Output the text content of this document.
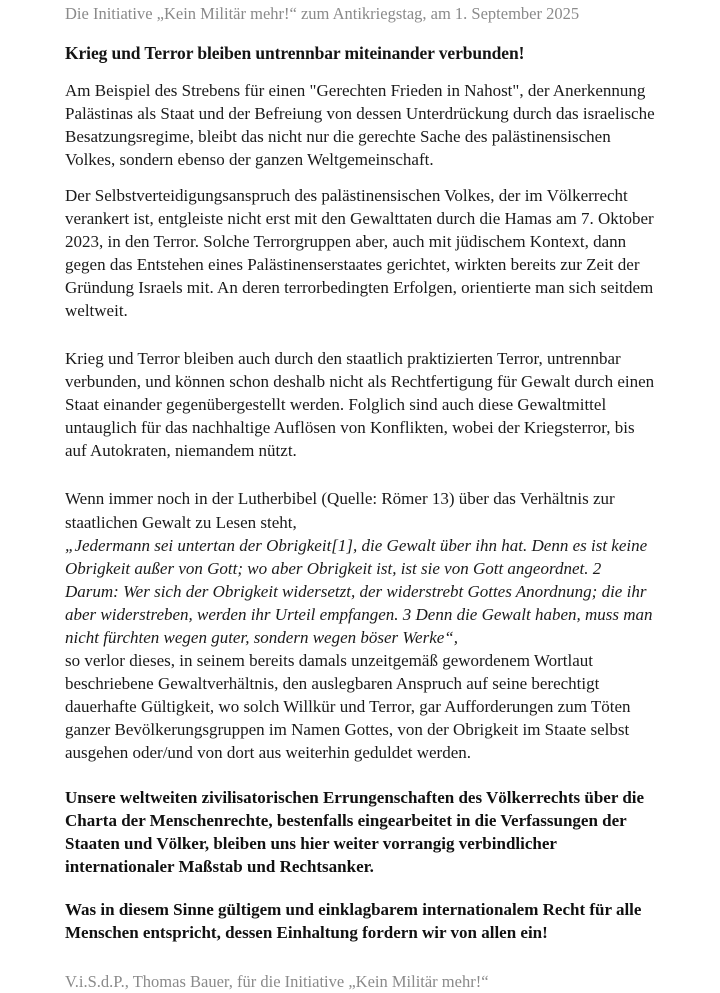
Die Initiative „Kein Militär mehr!“ zum Antikriegstag, am 1. September 2025

Krieg und Terror bleiben untrennbar miteinander verbunden!

Am Beispiel des Strebens für einen "Gerechten Frieden in Nahost", der Anerkennung Palästinas als Staat und der Befreiung von dessen Unterdrückung durch das israelische Besatzungsregime, bleibt das nicht nur die gerechte Sache des palästinensischen Volkes, sondern ebenso der ganzen Weltgemeinschaft.

Der Selbstverteidigungsanspruch des palästinensischen Volkes, der im Völkerrecht verankert ist, entgleiste nicht erst mit den Gewalttaten durch die Hamas am 7. Oktober 2023, in den Terror. Solche Terrorgruppen aber, auch mit jüdischem Kontext, dann gegen das Entstehen eines Palästinenserstaates gerichtet, wirkten bereits zur Zeit der Gründung Israels mit. An deren terrorbedingten Erfolgen, orientierte man sich seitdem weltweit.

Krieg und Terror bleiben auch durch den staatlich praktizierten Terror, untrennbar verbunden, und können schon deshalb nicht als Rechtfertigung für Gewalt durch einen Staat einander gegenübergestellt werden. Folglich sind auch diese Gewaltmittel untauglich für das nachhaltige Auflösen von Konflikten, wobei der Kriegsterror, bis auf Autokraten, niemandem nützt.

Wenn immer noch in der Lutherbibel (Quelle: Römer 13) über das Verhältnis zur staatlichen Gewalt zu Lesen steht,

„Jedermann sei untertan der Obrigkeit[1], die Gewalt über ihn hat. Denn es ist keine Obrigkeit außer von Gott; wo aber Obrigkeit ist, ist sie von Gott angeordnet. 2 Darum: Wer sich der Obrigkeit widersetzt, der widerstrebt Gottes Anordnung; die ihr aber widerstreben, werden ihr Urteil empfangen. 3 Denn die Gewalt haben, muss man nicht fürchten wegen guter, sondern wegen böser Werke“,

so verlor dieses, in seinem bereits damals unzeitgemäß gewordenem Wortlaut beschriebene Gewaltverhältnis, den auslegbaren Anspruch auf seine berechtigt dauerhafte Gültigkeit, wo solch Willkür und Terror, gar Aufforderungen zum Töten ganzer Bevölkerungsgruppen im Namen Gottes, von der Obrigkeit im Staate selbst ausgehen oder/und von dort aus weiterhin geduldet werden.

Unsere weltweiten zivilisatorischen Errungenschaften des Völkerrechts über die Charta der Menschenrechte, bestenfalls eingearbeitet in die Verfassungen der Staaten und Völker, bleiben uns hier weiter vorrangig verbindlicher internationaler Maßstab und Rechtsanker.

Was in diesem Sinne gültigem und einklagbarem internationalem Recht für alle Menschen entspricht, dessen Einhaltung fordern wir von allen ein!

V.i.S.d.P., Thomas Bauer, für die Initiative „Kein Militär mehr!“
